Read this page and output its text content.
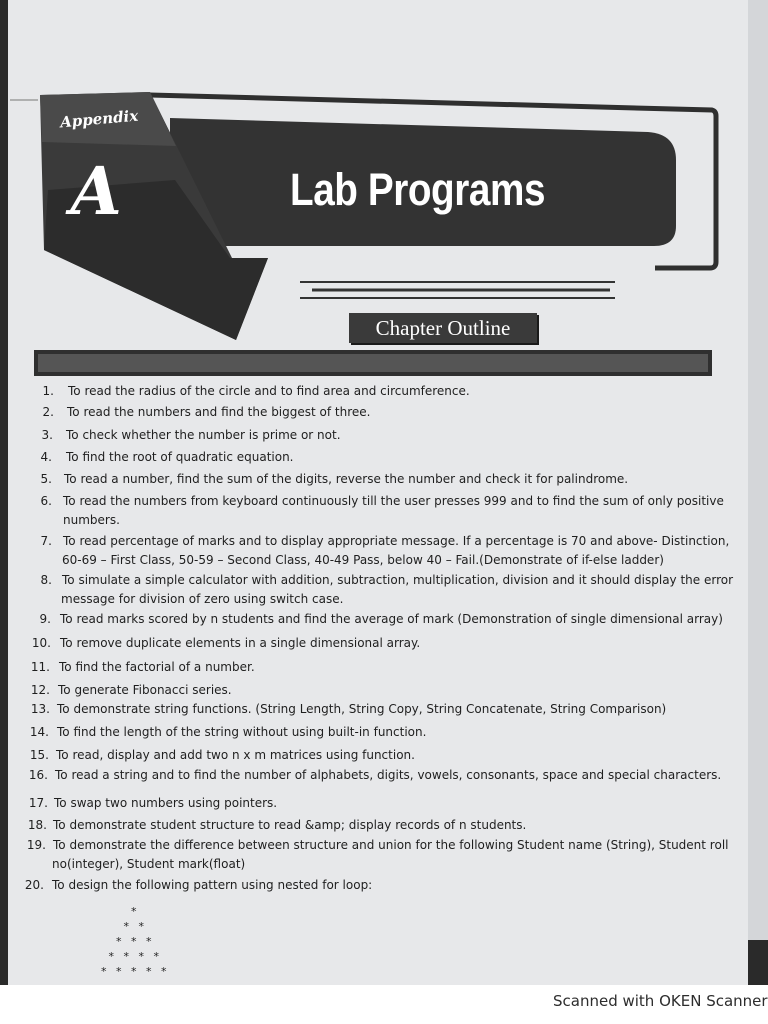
Appendix
A	Lab Programs
Chapter Outline
1. To read the radius of the circle and to find area and circumference.
2. To read the numbers and find the biggest of three.
3. To check whether the number is prime or not.
4. To find the root of quadratic equation.
5. To read a number, find the sum of the digits, reverse the number and check it for palindrome.
6. To read the numbers from keyboard continuously till the user presses 999 and to find the sum of only positive
numbers.
7. To read percentage of marks and to display appropriate message. If a percentage is 70 and above- Distinction,
60-69 – First Class, 50-59 – Second Class, 40-49 Pass, below 40 – Fail.(Demonstrate of if-else ladder)
8. To simulate a simple calculator with addition, subtraction, multiplication, division and it should display the error
message for division of zero using switch case.
9. To read marks scored by n students and find the average of mark (Demonstration of single dimensional array)
10. To remove duplicate elements in a single dimensional array.
11. To find the factorial of a number.
12. To generate Fibonacci series.
13. To demonstrate string functions. (String Length, String Copy, String Concatenate, String Comparison)
14. To find the length of the string without using built-in function.
15. To read, display and add two n x m matrices using function.
16. To read a string and to find the number of alphabets, digits, vowels, consonants, space and special characters.
17. To swap two numbers using pointers.
18. To demonstrate student structure to read &amp; display records of n students.
19. To demonstrate the difference between structure and union for the following Student name (String), Student roll
no(integer), Student mark(float)
20. To design the following pattern using nested for loop:
*
* *
* * *
* * * *
* * * * *
Scanned with OKEN Scanner
